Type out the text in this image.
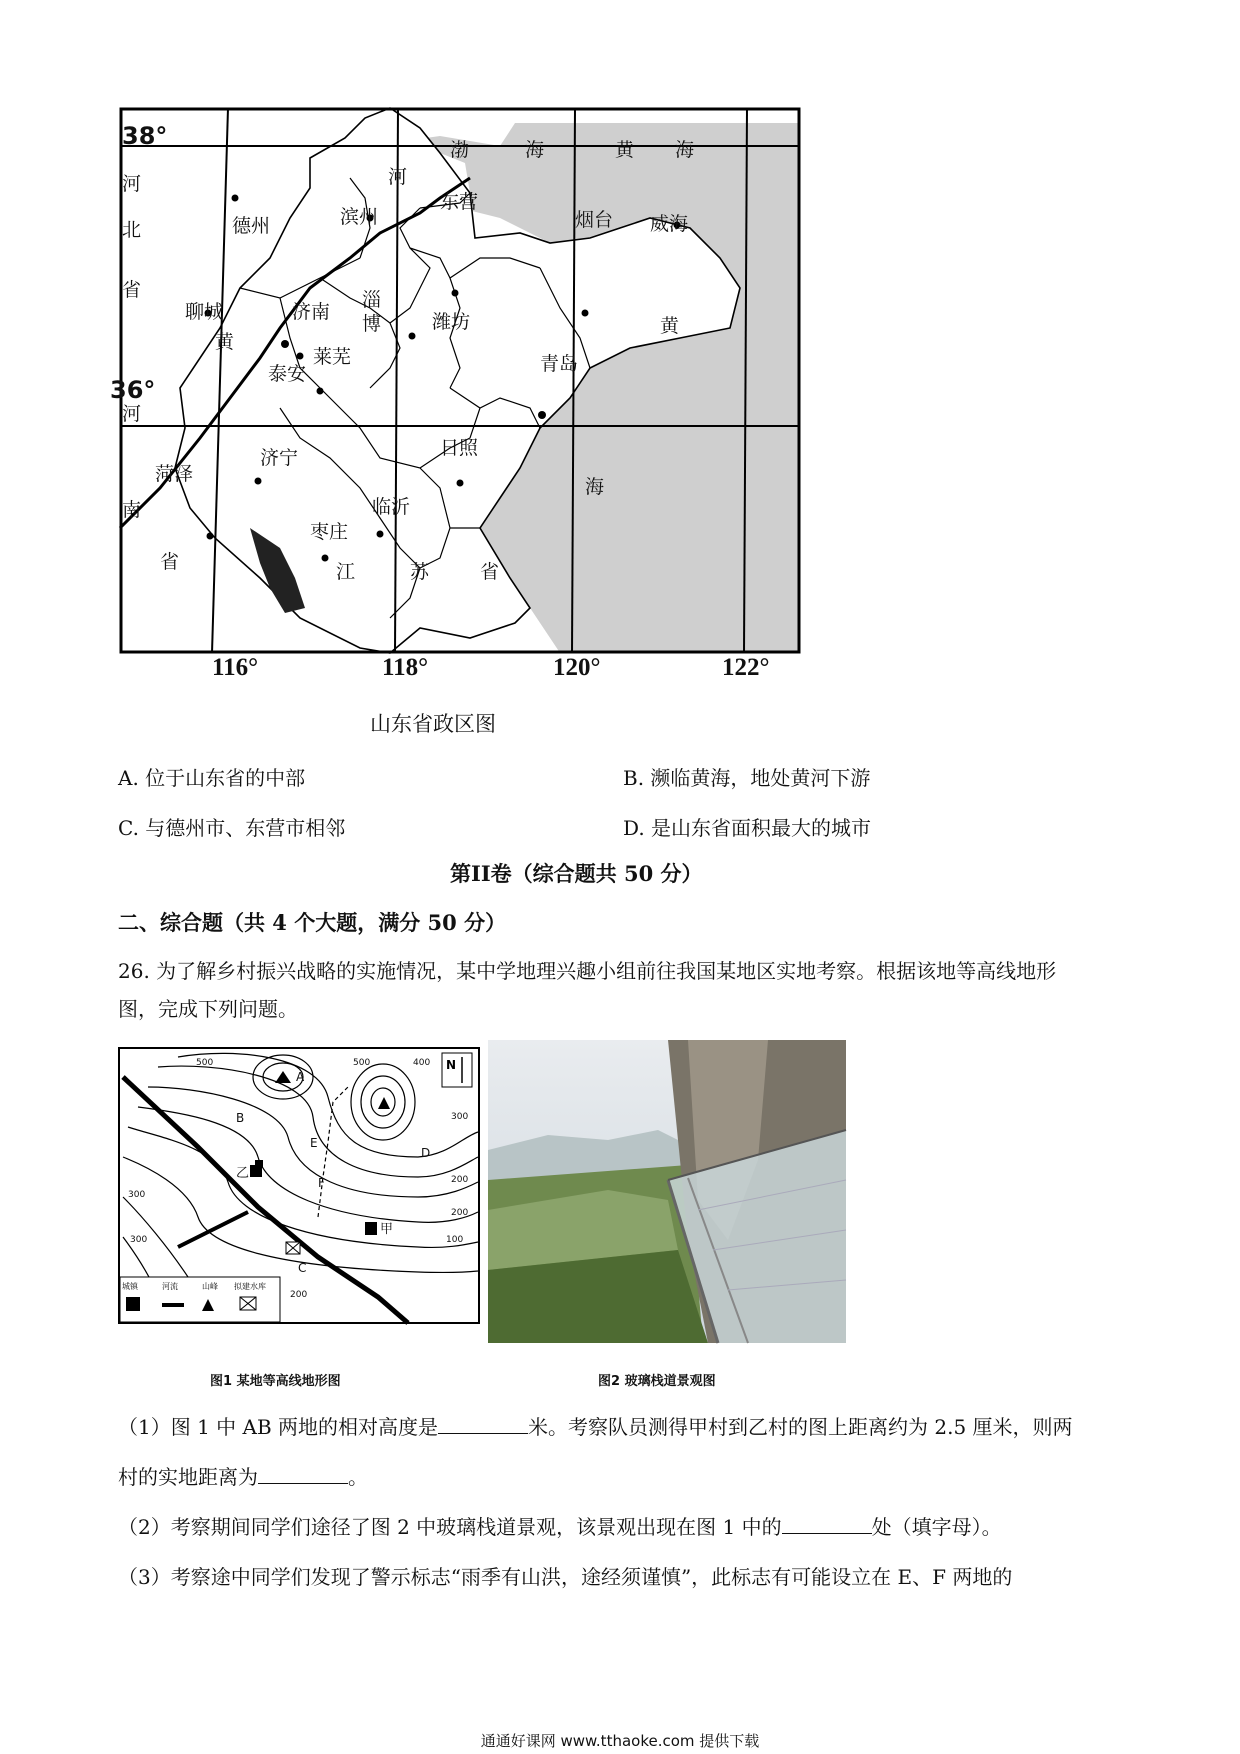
38°
36°
河
北
省
河
南
省	江	苏	省
渤	海	黄 海
黄
海
河
黄
德州	滨州
东营
烟台 威海
聊城	济南
淄
博	潍坊
莱芜
泰安	青岛
济宁
菏泽
日照
临沂
枣庄
116°	118°	120°	122°
山东省政区图
A. 位于山东省的中部	B. 濒临黄海，地处黄河下游
C. 与德州市、东营市相邻	D. 是山东省面积最大的城市
第II卷（综合题共 50 分）
二、综合题（共 4 个大题，满分 50 分）
26. 为了解乡村振兴战略的实施情况，某中学地理兴趣小组前往我国某地区实地考察。根据该地等高线地形
图，完成下列问题。
N
500	500	400
300
300
200
200
100
300
200
A
B
C
D
E
F
乙
甲
城镇	河流	山峰 拟建水库
图1 某地等高线地形图	图2 玻璃栈道景观图
（1）图 1 中 AB 两地的相对高度是	米。考察队员测得甲村到乙村的图上距离约为 2.5 厘米，则两
村的实地距离为	。
（2）考察期间同学们途径了图 2 中玻璃栈道景观，该景观出现在图 1 中的	处（填字母）。
（3）考察途中同学们发现了警示标志“雨季有山洪，途经须谨慎”，此标志有可能设立在 E、F 两地的
通通好课网 www.tthaoke.com 提供下载
